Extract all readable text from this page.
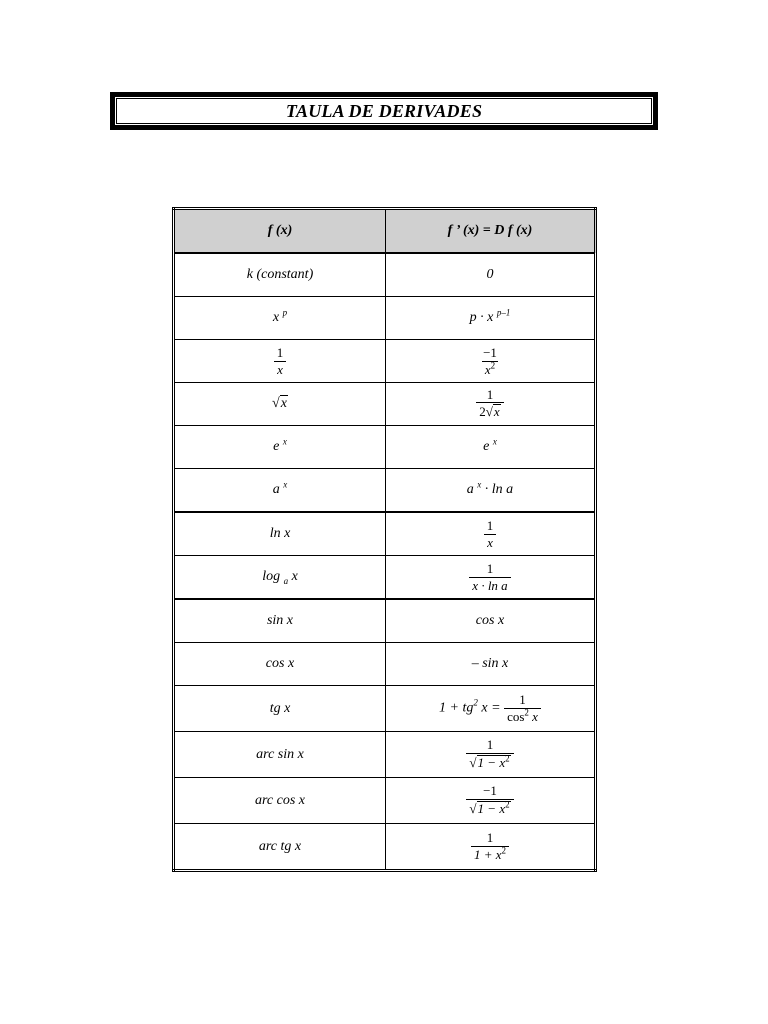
TAULA DE DERIVADES
f (x)	f ’ (x) = D f (x)
k (constant)	0
x $^p$	p · x $^{p-1}$

$\frac{1}{x}$	$\frac{-1}{x^2}$

√x	$\frac{1}{2√x}$

e $^x$	e $^x$
a $^x$	a $^x$ · ln a
ln x	$\frac{1}{x}$

log $_a$ x	$\frac{1}{\text{x · ln a}}$

sin x	cos x
cos x	– sin x
tg x	$1 + tg^2$ $x = \frac{1}{\cos^2 x}$

arc sin x	$\frac{1}{√1 - x^2}$

arc cos x	$\frac{-1}{√1 - x^2}$

arc tg x	$\frac{1}{1 + x^2}$
